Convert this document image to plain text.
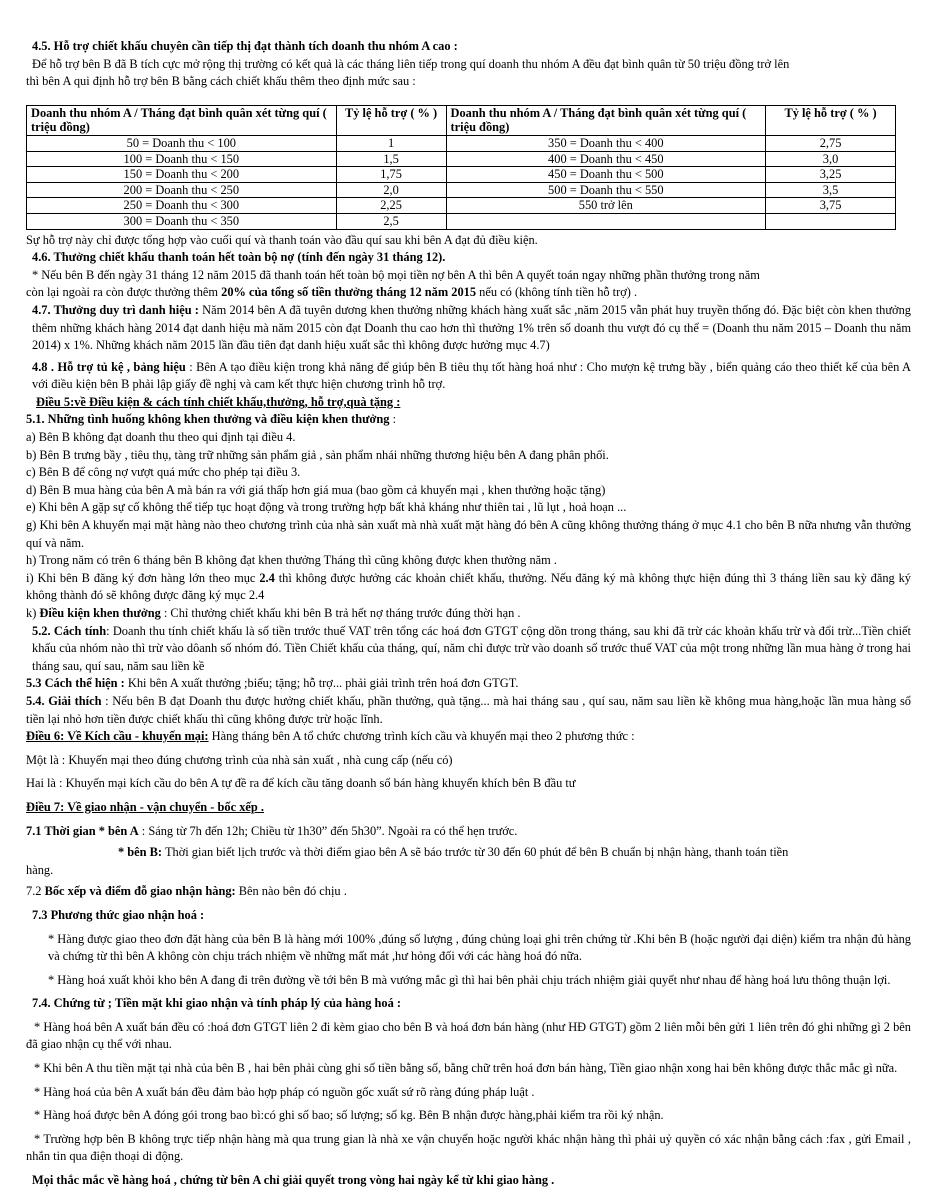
4.5. Hỗ trợ chiết khấu chuyên cần tiếp thị đạt thành tích doanh thu nhóm A cao :

Để hỗ trợ bên B đã B tích cực mở rộng thị trường có kết quả là các tháng liên tiếp trong quí doanh thu nhóm A đều đạt bình quân từ 50 triệu đồng trở lên

thì bên A qui định hỗ trợ bên B bằng cách chiết khấu thêm theo định mức sau :

Doanh thu nhóm A / Tháng đạt bình quân xét từng quí ( triệu đồng)	Tỷ lệ hỗ trợ ( % )	Doanh thu nhóm A / Tháng đạt bình quân xét từng quí ( triệu đồng)	Tỷ lệ hỗ trợ ( % )
50 = Doanh thu < 100	1	350 = Doanh thu < 400	2,75
100 = Doanh thu < 150	1,5	400 = Doanh thu < 450	3,0
150 = Doanh thu < 200	1,75	450 = Doanh thu < 500	3,25
200 = Doanh thu < 250	2,0	500 = Doanh thu < 550	3,5
250 = Doanh thu < 300	2,25	550 trở lên	3,75
300 = Doanh thu < 350	2,5		

Sự hỗ trợ này chỉ được tổng hợp vào cuối quí và thanh toán vào đầu quí sau khi bên A đạt đủ điều kiện.

4.6. Thưởng chiết khấu thanh toán hết toàn bộ nợ (tính đến ngày 31 tháng 12).

* Nếu bên B đến ngày 31 tháng 12 năm 2015 đã thanh toán hết toàn bộ mọi tiền nợ bên A thì bên A quyết toán ngay những phần thưởng trong năm

còn lại ngoài ra còn được thưởng thêm 20% của tổng số tiền thưởng tháng 12 năm 2015 nếu có (không tính tiền hỗ trợ) .

4.7. Thưởng duy trì danh hiệu : Năm 2014 bên A đã tuyên dương khen thưởng những khách hàng xuất sắc ,năm 2015 vẫn phát huy truyền thống đó. Đặc biệt còn khen thưởng thêm những khách hàng 2014 đạt danh hiệu mà năm 2015 còn đạt Doanh thu cao hơn thì thưởng 1% trên số doanh thu vượt đó cụ thể = (Doanh thu năm 2015 – Doanh thu năm 2014) x 1%. Những khách năm 2015 lần đầu tiên đạt danh hiệu xuất sắc thì không được hưởng mục 4.7)

4.8 . Hỗ trợ tủ kệ , bảng hiệu : Bên A tạo điều kiện trong khả năng để giúp bên B tiêu thụ tốt hàng hoá như : Cho mượn kệ trưng bầy , biển quảng cáo theo thiết kế của bên A với điều kiện bên B phải lập giấy đề nghị và cam kết thực hiện chương trình hỗ trợ.

Điều 5:về Điều kiện & cách tính chiết khấu,thưởng, hỗ trợ,quà tặng :

5.1. Những tình huống không khen thưởng và điều kiện khen thưởng :

a) Bên B không đạt doanh thu theo qui định tại điều 4.

b) Bên B trưng bầy , tiêu thụ, tàng trữ những sản phẩm giả , sản phẩm nhái những thương hiệu bên A đang phân phối.

c) Bên B để công nợ vượt quá mức cho phép tại điều 3.

d) Bên B mua hàng của bên A mà bán ra với giá thấp hơn giá mua (bao gồm cả khuyến mại , khen thưởng hoặc tặng)

e) Khi bên A gặp sự cố không thể tiếp tục hoạt động và trong trường hợp bất khả kháng như thiên tai , lũ lụt , hoả hoạn ...

g) Khi bên A khuyến mại mặt hàng nào theo chương trình của nhà sản xuất mà nhà xuất mặt hàng đó bên A cũng không thưởng tháng ở mục 4.1 cho bên B nữa nhưng vẫn thưởng quí và năm.

h) Trong năm có trên 6 tháng bên B không đạt khen thưởng Tháng thì cũng không được khen thưởng năm .

i) Khi bên B đăng ký đơn hàng lớn theo mục 2.4 thì không được hưởng các khoản chiết khấu, thưởng. Nếu đăng ký mà không thực hiện đúng thì 3 tháng liền sau kỳ đăng ký không thành đó sẽ không được đăng ký mục 2.4

k) Điều kiện khen thưởng : Chỉ thưởng chiết khấu khi bên B trả hết nợ tháng trước đúng thời hạn .

5.2. Cách tính: Doanh thu tính chiết khấu là số tiền trước thuế VAT trên tổng các hoá đơn GTGT cộng dồn trong tháng, sau khi đã trừ các khoản khấu trừ và đổi trừ...Tiền chiết khấu của nhóm nào thì trừ vào dôanh số nhóm đó. Tiền Chiết khấu của tháng, quí, năm chỉ được trừ vào doanh số trước thuế VAT của một trong những lần mua hàng ở trong hai tháng sau, quí sau, năm sau liền kề

5.3 Cách thể hiện : Khi bên A xuất thưởng ;biếu; tặng; hỗ trợ... phải giải trình trên hoá đơn GTGT.

5.4. Giải thích : Nếu bên B đạt Doanh thu được hưởng chiết khấu, phần thưởng, quà tặng... mà hai tháng sau , quí sau, năm sau liền kề không mua hàng,hoặc lần mua hàng số tiền lại nhỏ hơn tiền được chiết khấu thì cũng không được trừ hoặc lĩnh.

Điều 6: Về Kích cầu - khuyến mại: Hàng tháng bên A tổ chức chương trình kích cầu và khuyến mại theo 2 phương thức :

Một là : Khuyến mại theo đúng chương trình của nhà sản xuất , nhà cung cấp (nếu có)

Hai là : Khuyến mại kích cầu do bên A tự đề ra để kích cầu tăng doanh số bán hàng khuyến khích bên B đầu tư

Điều 7: Về giao nhận - vận chuyển - bốc xếp .

7.1 Thời gian * bên A : Sáng từ 7h đến 12h; Chiều từ 1h30” đến 5h30”. Ngoài ra có thể hẹn trước.

* bên B: Thời gian biết lịch trước và thời điểm giao bên A sẽ báo trước từ 30 đến 60 phút để bên B chuẩn bị nhận hàng, thanh toán tiền

hàng.

7.2 Bốc xếp và điểm đỗ giao nhận hàng: Bên nào bên đó chịu .

7.3 Phương thức giao nhận hoá :

* Hàng được giao theo đơn đặt hàng của bên B là hàng mới 100% ,đúng số lượng , đúng chủng loại ghi trên chứng từ .Khi bên B (hoặc người đại diện) kiểm tra nhận đủ hàng và chứng từ thì bên A không còn chịu trách nhiệm về những mất mát ,hư hỏng đối với các hàng hoá đó nữa.

* Hàng hoá xuất khỏi kho bên A đang đi trên đường về tới bên B mà vướng mắc gì thì hai bên phải chịu trách nhiệm giải quyết như nhau để hàng hoá lưu thông thuận lợi.

7.4. Chứng từ ; Tiền mặt khi giao nhận và tính pháp lý của hàng hoá :

* Hàng hoá bên A xuất bán đều có :hoá đơn GTGT liên 2 đi kèm giao cho bên B và hoá đơn bán hàng (như HĐ GTGT) gồm 2 liên mỗi bên gửi 1 liên trên đó ghi những gì 2 bên đã giao nhận cụ thể với nhau.

* Khi bên A thu tiền mặt tại nhà của bên B , hai bên phải cùng ghi số tiền bằng số, bằng chữ trên hoá đơn bán hàng, Tiền giao nhận xong hai bên không được thắc mắc gì nữa.

* Hàng hoá của bên A xuất bán đều đảm bảo hợp pháp có nguồn gốc xuất sứ rõ ràng đúng pháp luật .

* Hàng hoá được bên A đóng gói trong bao bì:có ghi số bao; số lượng; số kg. Bên B nhận được hàng,phải kiểm tra rồi ký nhận.

* Trường hợp bên B không trực tiếp nhận hàng mà qua trung gian là nhà xe vận chuyển hoặc người khác nhận hàng thì phải uỷ quyền có xác nhận bằng cách :fax , gửi Email , nhắn tin qua điện thoại di động.

Mọi thắc mắc về hàng hoá , chứng từ bên A chỉ giải quyết trong vòng hai ngày kể từ khi giao hàng .
